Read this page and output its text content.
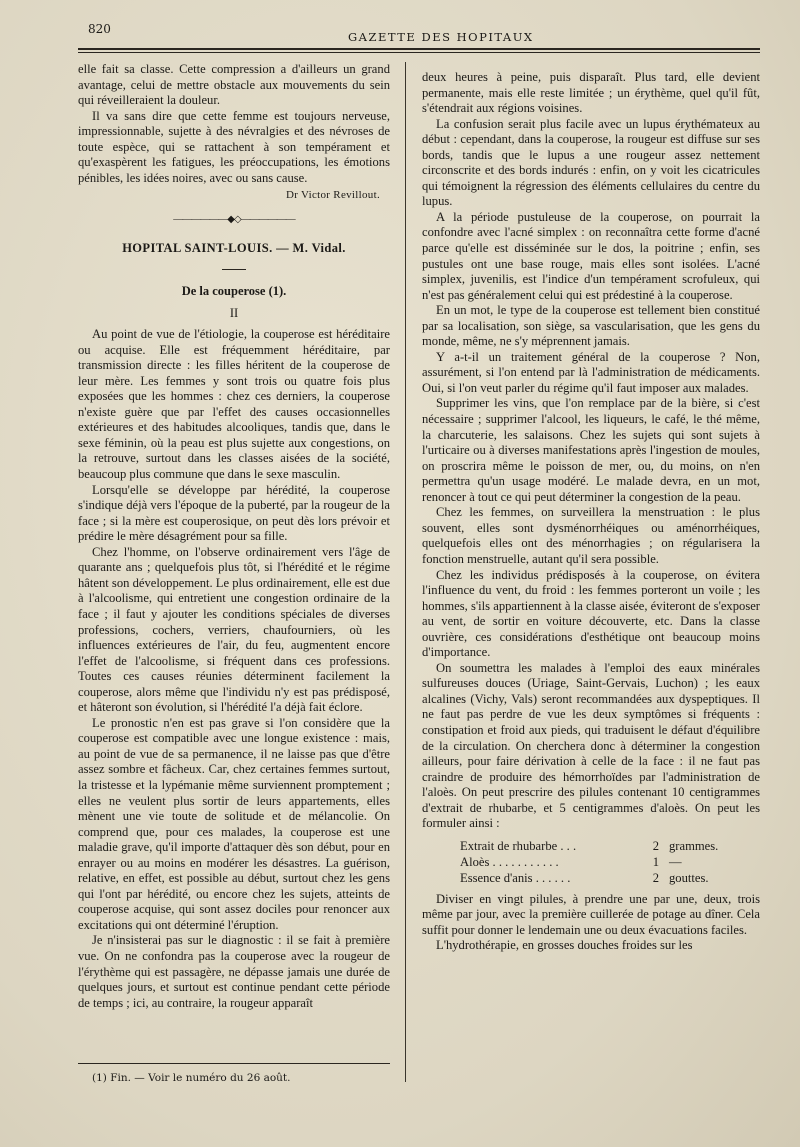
820
GAZETTE DES HOPITAUX

elle fait sa classe. Cette compression a d'ailleurs un grand avantage, celui de mettre obstacle aux mouvements du sein qui réveilleraient la douleur.

Il va sans dire que cette femme est toujours nerveuse, impressionnable, sujette à des névralgies et des névroses de toute espèce, qui se rattachent à son tempérament et qu'exaspèrent les fatigues, les préoccupations, les émotions pénibles, les idées noires, avec ou sans cause.

Dr Victor Revillout.
――――――◆◇――――――
HOPITAL SAINT-LOUIS. — M. Vidal.
De la couperose (1).
II

Au point de vue de l'étiologie, la couperose est héréditaire ou acquise. Elle est fréquemment héréditaire, par transmission directe : les filles héritent de la couperose de leur mère. Les femmes y sont trois ou quatre fois plus exposées que les hommes : chez ces derniers, la couperose n'existe guère que par l'effet des causes occasionnelles extérieures et des habitudes alcooliques, tandis que, dans le sexe féminin, où la peau est plus sujette aux congestions, on la retrouve, surtout dans les classes aisées de la société, beaucoup plus commune que dans le sexe masculin.

Lorsqu'elle se développe par hérédité, la couperose s'indique déjà vers l'époque de la puberté, par la rougeur de la face ; si la mère est couperosique, on peut dès lors prévoir et prédire le mère désagrément pour sa fille.

Chez l'homme, on l'observe ordinairement vers l'âge de quarante ans ; quelquefois plus tôt, si l'hérédité et le régime hâtent son développement. Le plus ordinairement, elle est due à l'alcoolisme, qui entretient une congestion ordinaire de la face ; il faut y ajouter les conditions spéciales de diverses professions, cochers, verriers, chaufourniers, où les influences extérieures de l'air, du feu, augmentent encore l'effet de l'alcoolisme, si fréquent dans ces professions. Toutes ces causes réunies déterminent facilement la couperose, alors même que l'individu n'y est pas prédisposé, et hâteront son évolution, si l'hérédité l'a déjà fait éclore.

Le pronostic n'en est pas grave si l'on considère que la couperose est compatible avec une longue existence : mais, au point de vue de sa permanence, il ne laisse pas que d'être assez sombre et fâcheux. Car, chez certaines femmes surtout, la tristesse et la lypémanie même surviennent promptement ; elles ne veulent plus sortir de leurs appartements, elles mènent une vie toute de solitude et de mélancolie. On comprend que, pour ces malades, la couperose est une maladie grave, qu'il importe d'attaquer dès son début, pour en enrayer ou au moins en modérer les désastres. La guérison, relative, en effet, est possible au début, surtout chez les gens qui l'ont par hérédité, ou encore chez les sujets, atteints de couperose acquise, qui sont assez dociles pour renoncer aux excitations qui ont déterminé l'éruption.

Je n'insisterai pas sur le diagnostic : il se fait à première vue. On ne confondra pas la couperose avec la rougeur de l'érythème qui est passagère, ne dépasse jamais une durée de quelques jours, et surtout est continue pendant cette période de temps ; ici, au contraire, la rougeur apparaît

deux heures à peine, puis disparaît. Plus tard, elle devient permanente, mais elle reste limitée ; un érythème, quel qu'il fût, s'étendrait aux régions voisines.

La confusion serait plus facile avec un lupus érythémateux au début : cependant, dans la couperose, la rougeur est diffuse sur ses bords, tandis que le lupus a une rougeur assez nettement circonscrite et des bords indurés : enfin, on y voit les cicatricules qui témoignent la régression des éléments cellulaires du centre du lupus.

A la période pustuleuse de la couperose, on pourrait la confondre avec l'acné simplex : on reconnaîtra cette forme d'acné parce qu'elle est disséminée sur le dos, la poitrine ; enfin, ses pustules ont une base rouge, mais elles sont isolées. L'acné simplex, juvenilis, est l'indice d'un tempérament scrofuleux, qui n'est pas généralement celui qui est prédestiné à la couperose.

En un mot, le type de la couperose est tellement bien constitué par sa localisation, son siège, sa vascularisation, que les gens du monde, même, ne s'y méprennent jamais.

Y a-t-il un traitement général de la couperose ? Non, assurément, si l'on entend par là l'administration de médicaments. Oui, si l'on veut parler du régime qu'il faut imposer aux malades.

Supprimer les vins, que l'on remplace par de la bière, si c'est nécessaire ; supprimer l'alcool, les liqueurs, le café, le thé même, la charcuterie, les salaisons. Chez les sujets qui sont sujets à l'urticaire ou à diverses manifestations après l'ingestion de moules, on proscrira même le poisson de mer, ou, du moins, on n'en permettra qu'un usage modéré. Le malade devra, en un mot, renoncer à tout ce qui peut déterminer la congestion de la peau.

Chez les femmes, on surveillera la menstruation : le plus souvent, elles sont dysménorrhéiques ou aménorrhéiques, quelquefois elles ont des ménorrhagies ; on régularisera la fonction menstruelle, autant qu'il sera possible.

Chez les individus prédisposés à la couperose, on évitera l'influence du vent, du froid : les femmes porteront un voile ; les hommes, s'ils appartiennent à la classe aisée, éviteront de s'exposer au vent, de sortir en voiture découverte, etc. Dans la classe ouvrière, ces considérations d'esthétique ont beaucoup moins d'importance.

On soumettra les malades à l'emploi des eaux minérales sulfureuses douces (Uriage, Saint-Gervais, Luchon) ; les eaux alcalines (Vichy, Vals) seront recommandées aux dyspeptiques. Il ne faut pas perdre de vue les deux symptômes si fréquents : constipation et froid aux pieds, qui traduisent le défaut d'équilibre de la circulation. On cherchera donc à déterminer la congestion ailleurs, pour faire dérivation à celle de la face : il ne faut pas craindre de produire des hémorrhoïdes par l'administration de l'aloès. On peut prescrire des pilules contenant 10 centigrammes d'extrait de rhubarbe, et 5 centigrammes d'aloès. On peut les formuler ainsi :

Extrait de rhubarbe . . .	2 grammes.
Aloès . . . . . . . . . . .	1 —
Essence d'anis . . . . . .	2 gouttes.

Diviser en vingt pilules, à prendre une par une, deux, trois même par jour, avec la première cuillerée de potage au dîner. Cela suffit pour donner le lendemain une ou deux évacuations faciles.

L'hydrothérapie, en grosses douches froides sur les

(1) Fin. — Voir le numéro du 26 août.
